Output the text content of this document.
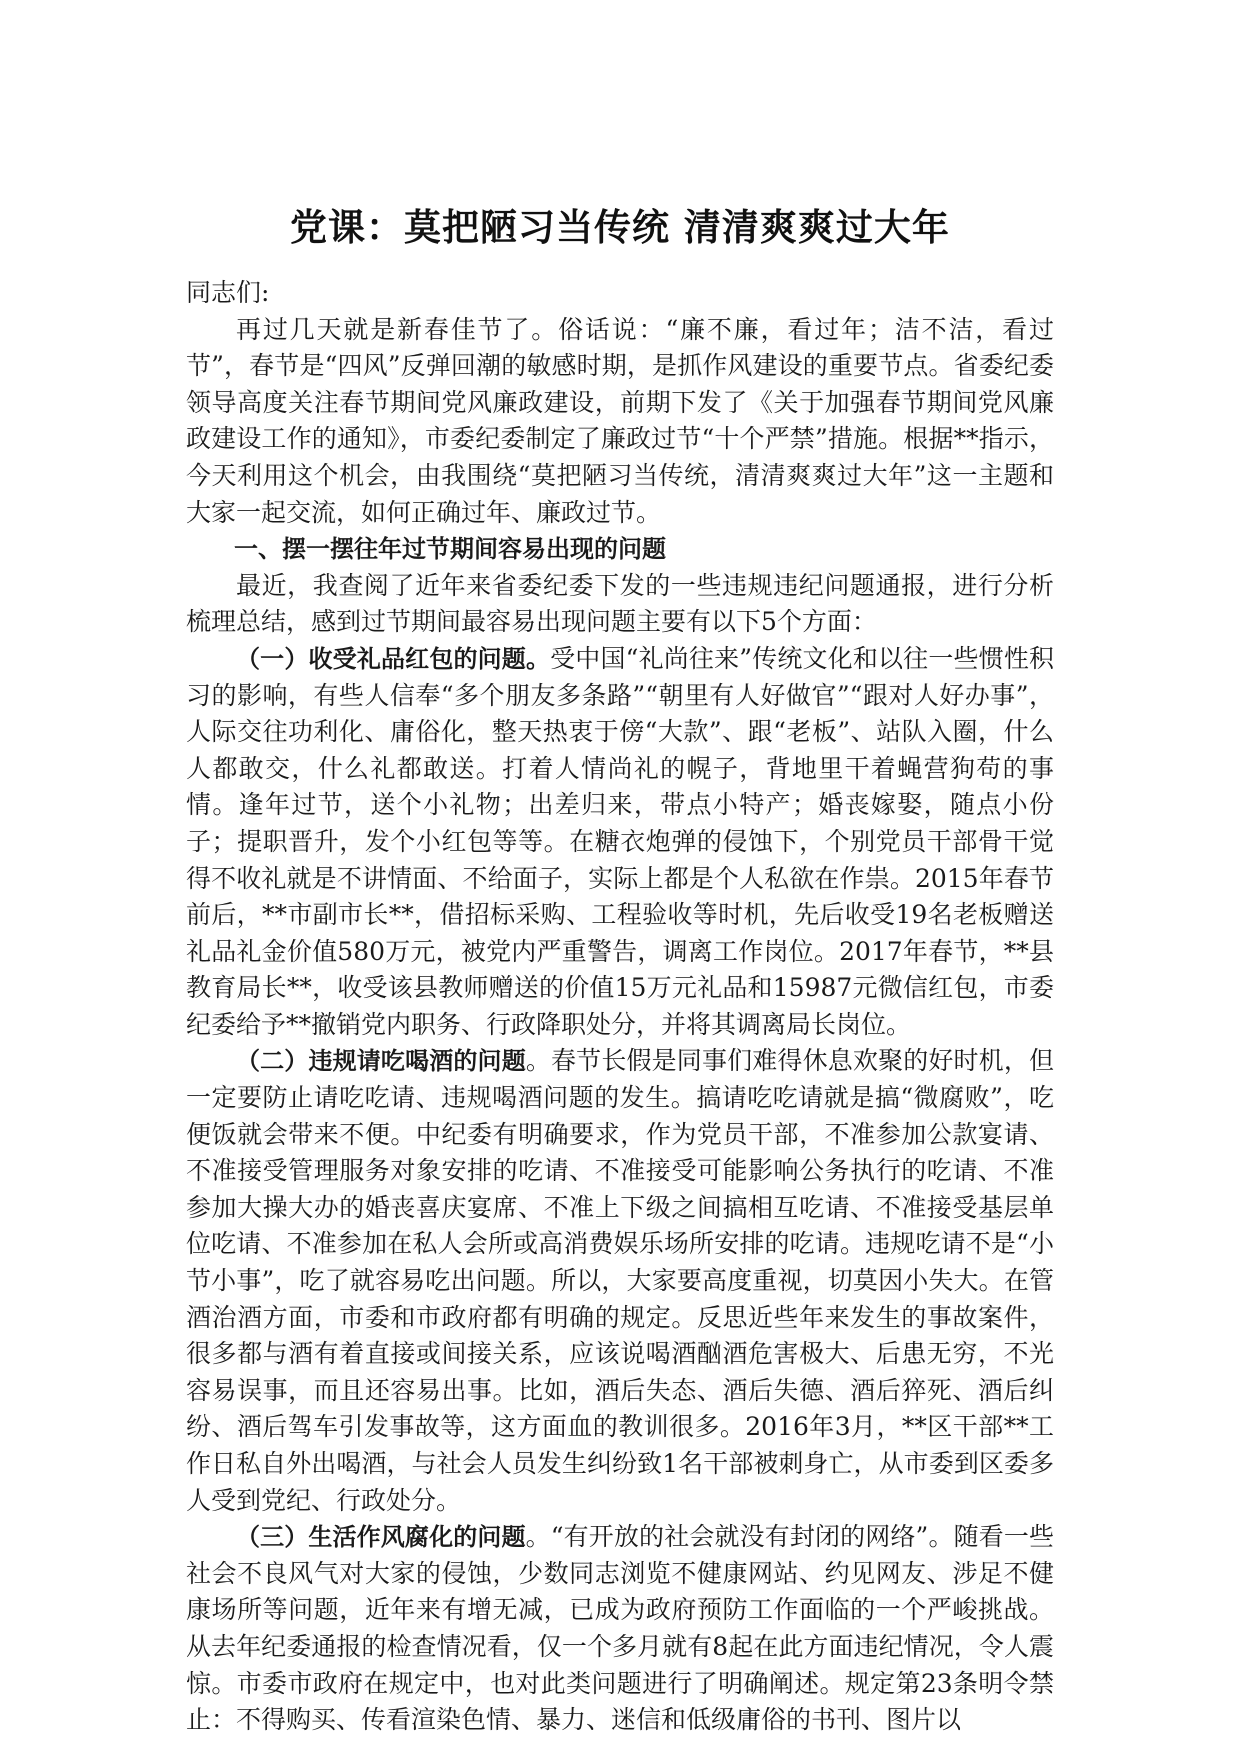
党课：莫把陋习当传统 清清爽爽过大年

同志们:

再过几天就是新春佳节了。俗话说：“廉不廉，看过年；洁不洁，看过节”，春节是“四风”反弹回潮的敏感时期，是抓作风建设的重要节点。省委纪委领导高度关注春节期间党风廉政建设，前期下发了《关于加强春节期间党风廉政建设工作的通知》，市委纪委制定了廉政过节“十个严禁”措施。根据**指示，今天利用这个机会，由我围绕“莫把陋习当传统，清清爽爽过大年”这一主题和大家一起交流，如何正确过年、廉政过节。

一、摆一摆往年过节期间容易出现的问题

最近，我查阅了近年来省委纪委下发的一些违规违纪问题通报，进行分析梳理总结，感到过节期间最容易出现问题主要有以下5个方面：

（一）收受礼品红包的问题。受中国“礼尚往来”传统文化和以往一些惯性积习的影响，有些人信奉“多个朋友多条路”“朝里有人好做官”“跟对人好办事”，人际交往功利化、庸俗化，整天热衷于傍“大款”、跟“老板”、站队入圈，什么人都敢交，什么礼都敢送。打着人情尚礼的幌子，背地里干着蝇营狗苟的事情。逢年过节，送个小礼物；出差归来，带点小特产；婚丧嫁娶，随点小份子；提职晋升，发个小红包等等。在糖衣炮弹的侵蚀下，个别党员干部骨干觉得不收礼就是不讲情面、不给面子，实际上都是个人私欲在作祟。2015年春节前后，**市副市长**，借招标采购、工程验收等时机，先后收受19名老板赠送礼品礼金价值580万元，被党内严重警告，调离工作岗位。2017年春节，**县教育局长**，收受该县教师赠送的价值15万元礼品和15987元微信红包，市委纪委给予**撤销党内职务、行政降职处分，并将其调离局长岗位。

（二）违规请吃喝酒的问题。春节长假是同事们难得休息欢聚的好时机，但一定要防止请吃吃请、违规喝酒问题的发生。搞请吃吃请就是搞“微腐败”，吃便饭就会带来不便。中纪委有明确要求，作为党员干部，不准参加公款宴请、不准接受管理服务对象安排的吃请、不准接受可能影响公务执行的吃请、不准参加大操大办的婚丧喜庆宴席、不准上下级之间搞相互吃请、不准接受基层单位吃请、不准参加在私人会所或高消费娱乐场所安排的吃请。违规吃请不是“小节小事”，吃了就容易吃出问题。所以，大家要高度重视，切莫因小失大。在管酒治酒方面，市委和市政府都有明确的规定。反思近些年来发生的事故案件，很多都与酒有着直接或间接关系，应该说喝酒酗酒危害极大、后患无穷，不光容易误事，而且还容易出事。比如，酒后失态、酒后失德、酒后猝死、酒后纠纷、酒后驾车引发事故等，这方面血的教训很多。2016年3月，**区干部**工作日私自外出喝酒，与社会人员发生纠纷致1名干部被刺身亡，从市委到区委多人受到党纪、行政处分。

（三）生活作风腐化的问题。“有开放的社会就没有封闭的网络”。随看一些社会不良风气对大家的侵蚀，少数同志浏览不健康网站、约见网友、涉足不健康场所等问题，近年来有增无减，已成为政府预防工作面临的一个严峻挑战。从去年纪委通报的检查情况看，仅一个多月就有8起在此方面违纪情况，令人震惊。市委市政府在规定中，也对此类问题进行了明确阐述。规定第23条明令禁止：不得购买、传看渲染色情、暴力、迷信和低级庸俗的书刊、图片以
